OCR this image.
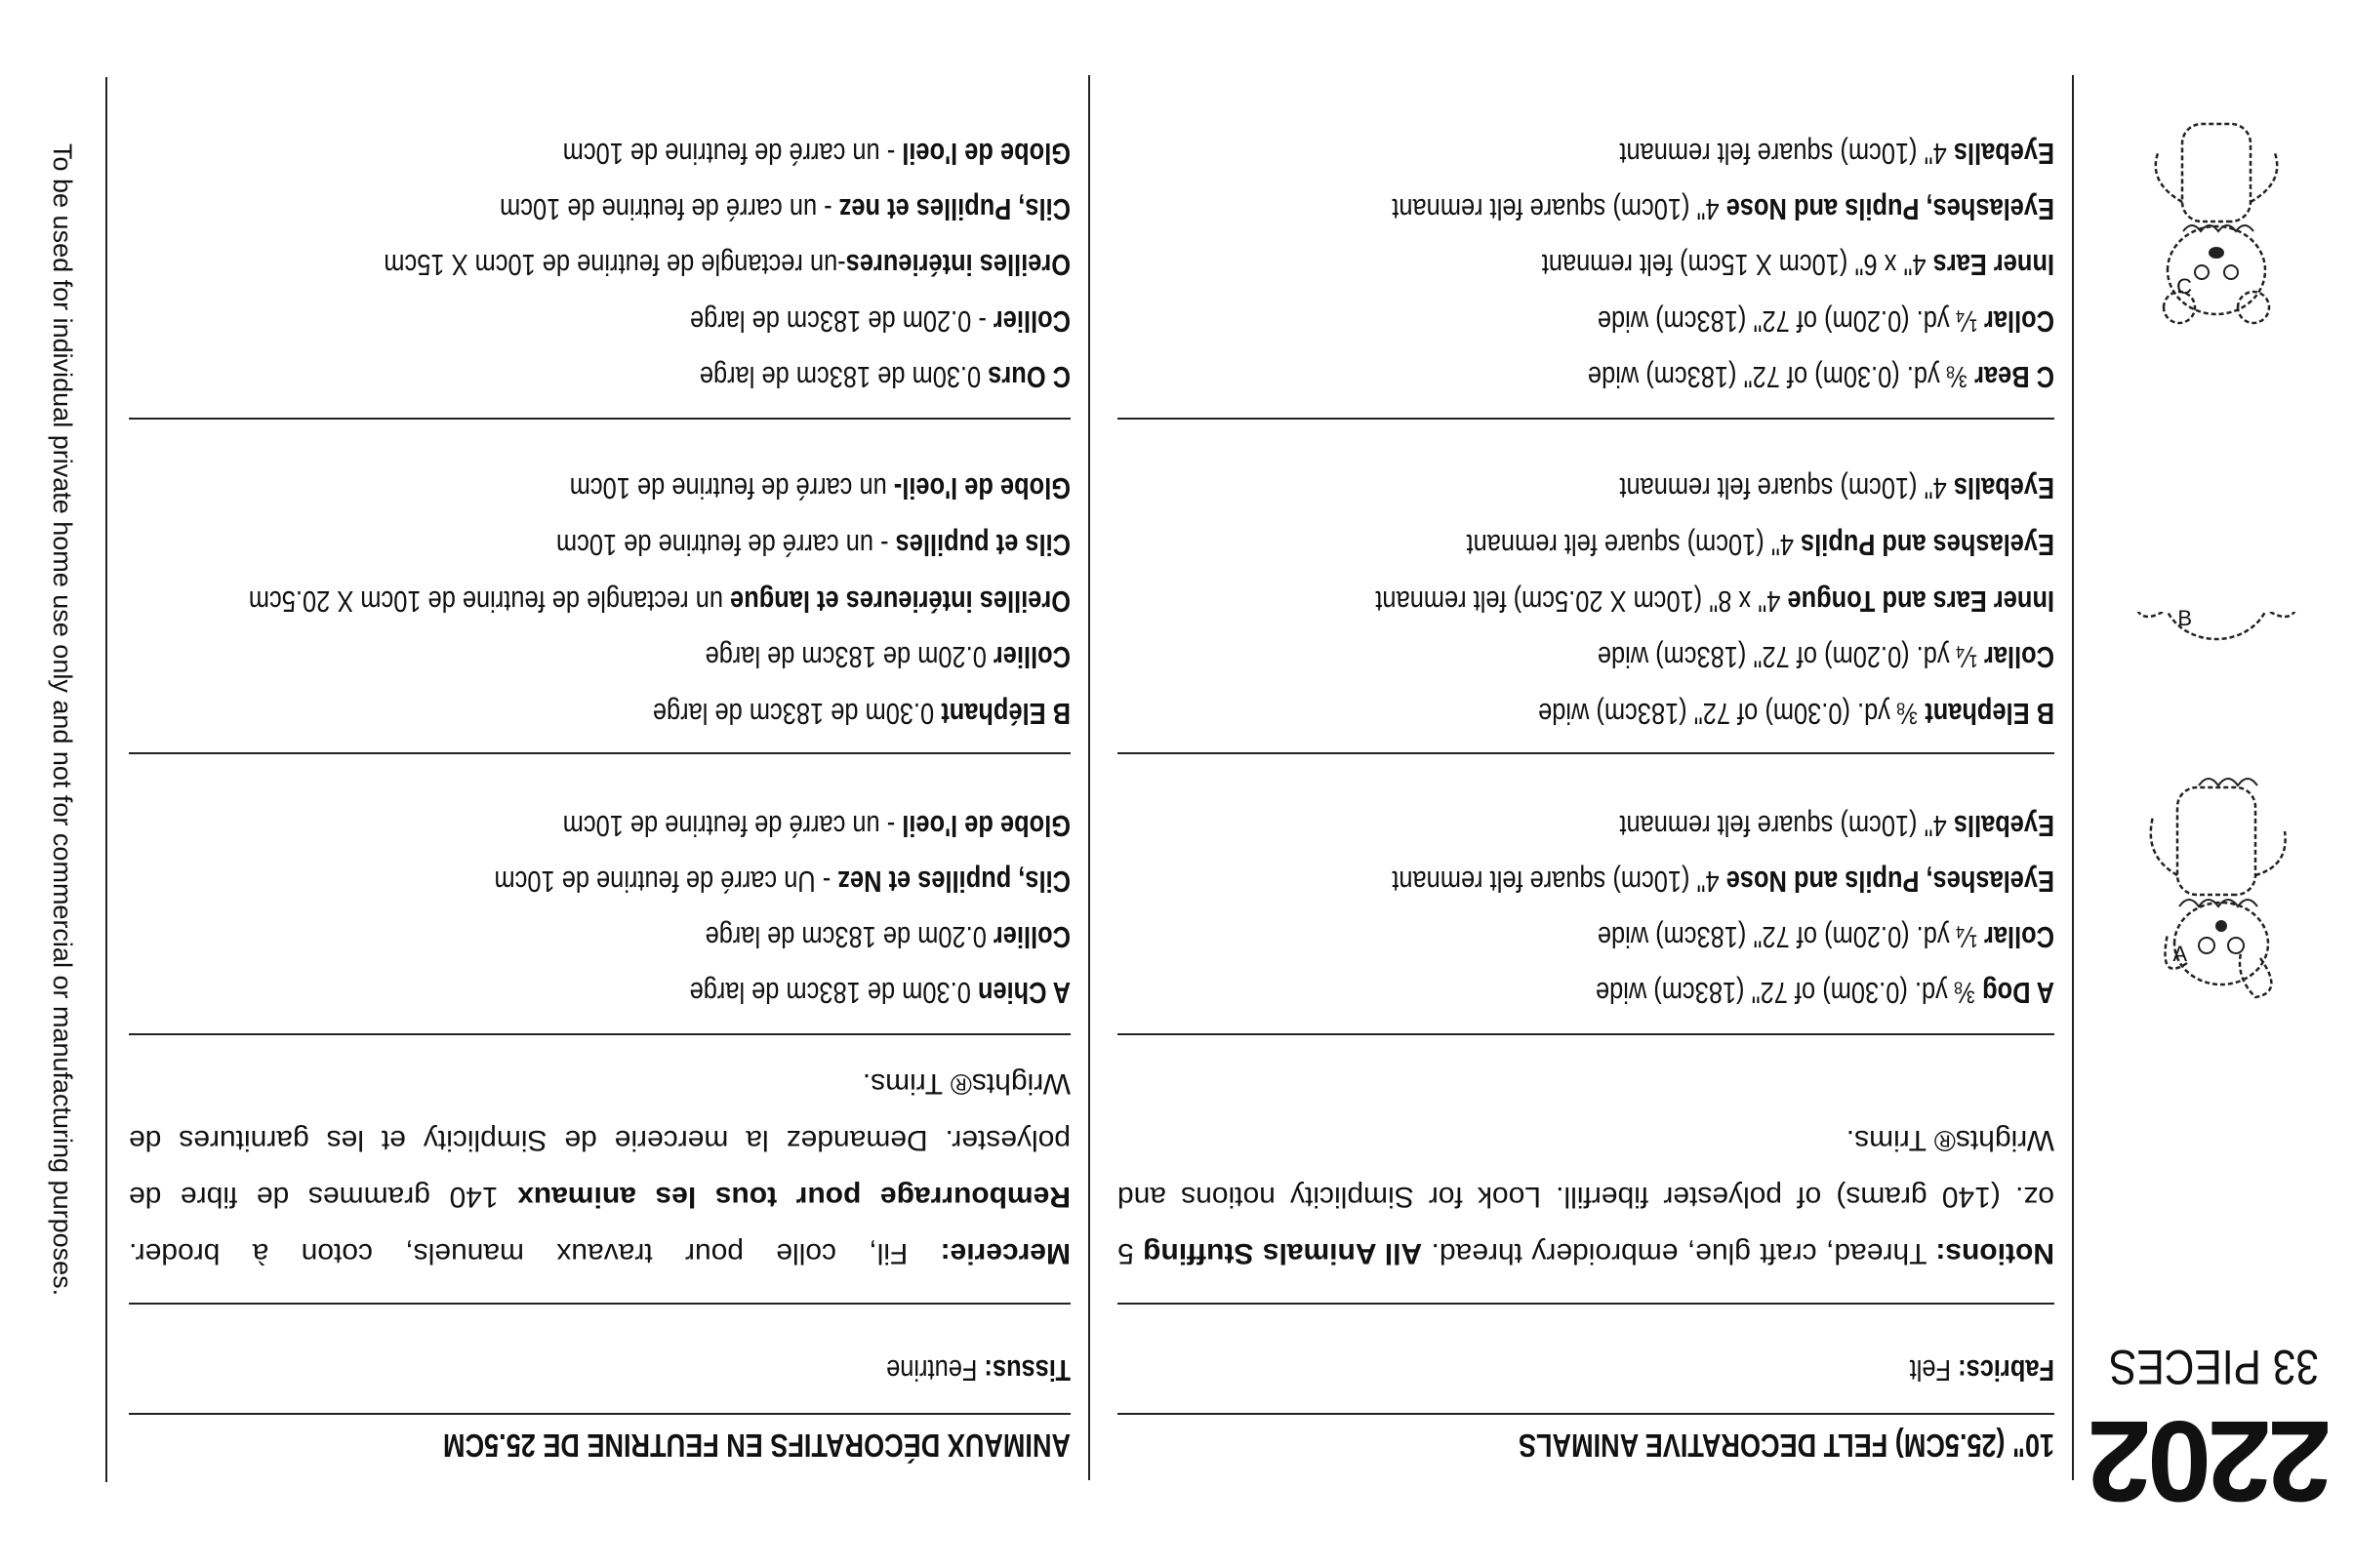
2202
33 PIECES
A
B
C
10" (25.5CM) FELT DECORATIVE ANIMALS
Fabrics: Felt
Notions: Thread, craft glue, embroidery thread. All Animals Stuffing 5 oz. (140 grams) of polyester fiberfill. Look for Simplicity notions and Wrights® Trims.
A Dog ⅜ yd. (0.30m) of 72" (183cm) wide
Collar ¼ yd. (0.20m) of 72" (183cm) wide
Eyelashes, Pupils and Nose 4" (10cm) square felt remnant
Eyeballs 4" (10cm) square felt remnant
B Elephant ⅜ yd. (0.30m) of 72" (183cm) wide
Collar ¼ yd. (0.20m) of 72" (183cm) wide
Inner Ears and Tongue 4" x 8" (10cm X 20.5cm) felt remnant
Eyelashes and Pupils 4" (10cm) square felt remnant
Eyeballs 4" (10cm) square felt remnant
C Bear ⅜ yd. (0.30m) of 72" (183cm) wide
Collar ¼ yd. (0.20m) of 72" (183cm) wide
Inner Ears 4" x 6" (10cm X 15cm) felt remnant
Eyelashes, Pupils and Nose 4" (10cm) square felt remnant
Eyeballs 4" (10cm) square felt remnant
ANIMAUX DÉCORATIFS EN FEUTRINE DE 25.5CM
Tissus: Feutrine
Mercerie: Fil, colle pour travaux manuels, coton à broder. Rembourrage pour tous les animaux 140 grammes de fibre de polyester. Demandez la mercerie de Simplicity et les garnitures de Wrights® Trims.
A Chien 0.30m de 183cm de large
Collier 0.20m de 183cm de large
Cils, pupilles et Nez - Un carré de feutrine de 10cm
Globe de l'oeil - un carré de feutrine de 10cm
B Eléphant 0.30m de 183cm de large
Collier 0.20m de 183cm de large
Oreilles intérieures et langue un rectangle de feutrine de 10cm X 20.5cm
Cils et pupilles - un carré de feutrine de 10cm
Globe de l'oeil- un carré de feutrine de 10cm
C Ours 0.30m de 183cm de large
Collier - 0.20m de 183cm de large
Oreilles intérieures-un rectangle de feutrine de 10cm X 15cm
Cils, Pupilles et nez - un carré de feutrine de 10cm
Globe de l'oeil - un carré de feutrine de 10cm
To be used for individual private home use only and not for commercial or manufacturing purposes.
